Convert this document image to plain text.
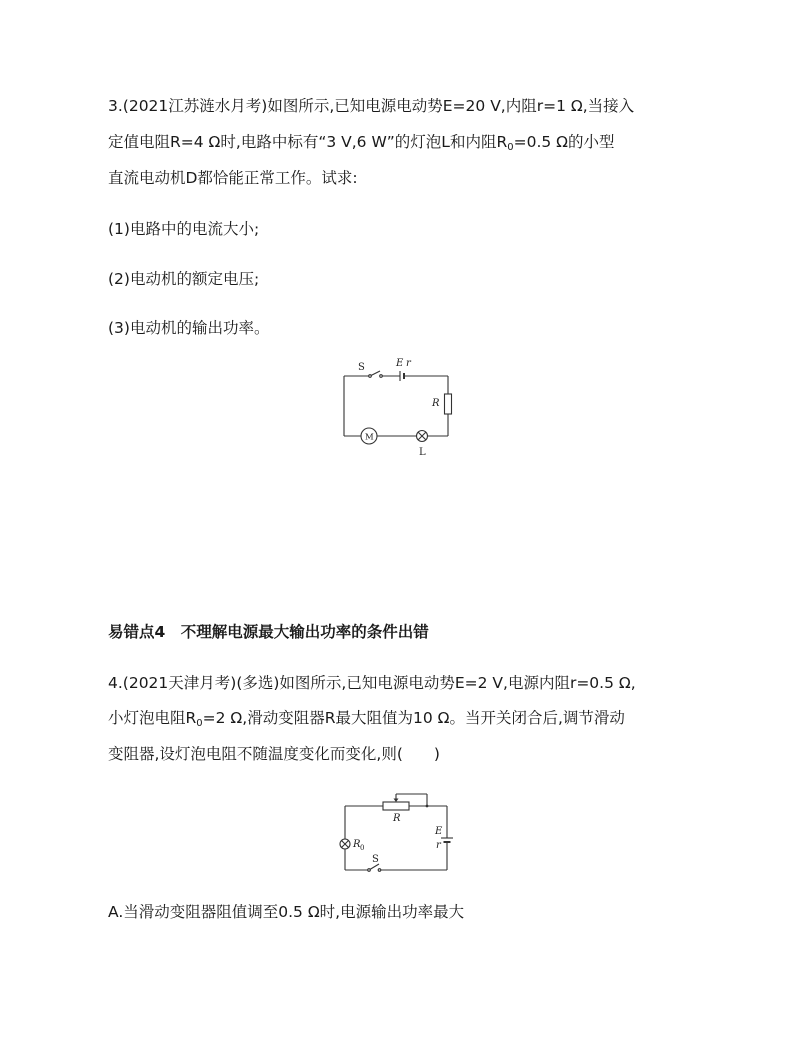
3.(2021江苏涟水月考)如图所示,已知电源电动势E=20 V,内阻r=1 Ω,当接入
定值电阻R=4 Ω时,电路中标有“3 V,6 W”的灯泡L和内阻$R_0=0.5$ Ω的小型
直流电动机D都恰能正常工作。试求:
(1)电路中的电流大小;
(2)电动机的额定电压;
(3)电动机的输出功率。
S	E r
R
M
L
易错点4　不理解电源最大输出功率的条件出错
4.(2021天津月考)(多选)如图所示,已知电源电动势E=2 V,电源内阻r=0.5 Ω,
小灯泡电阻$R_0=2$ Ω,滑动变阻器R最大阻值为10 Ω。当开关闭合后,调节滑动
变阻器,设灯泡电阻不随温度变化而变化,则(　　)
R
R 0
E
r
S
A.当滑动变阻器阻值调至0.5 Ω时,电源输出功率最大
